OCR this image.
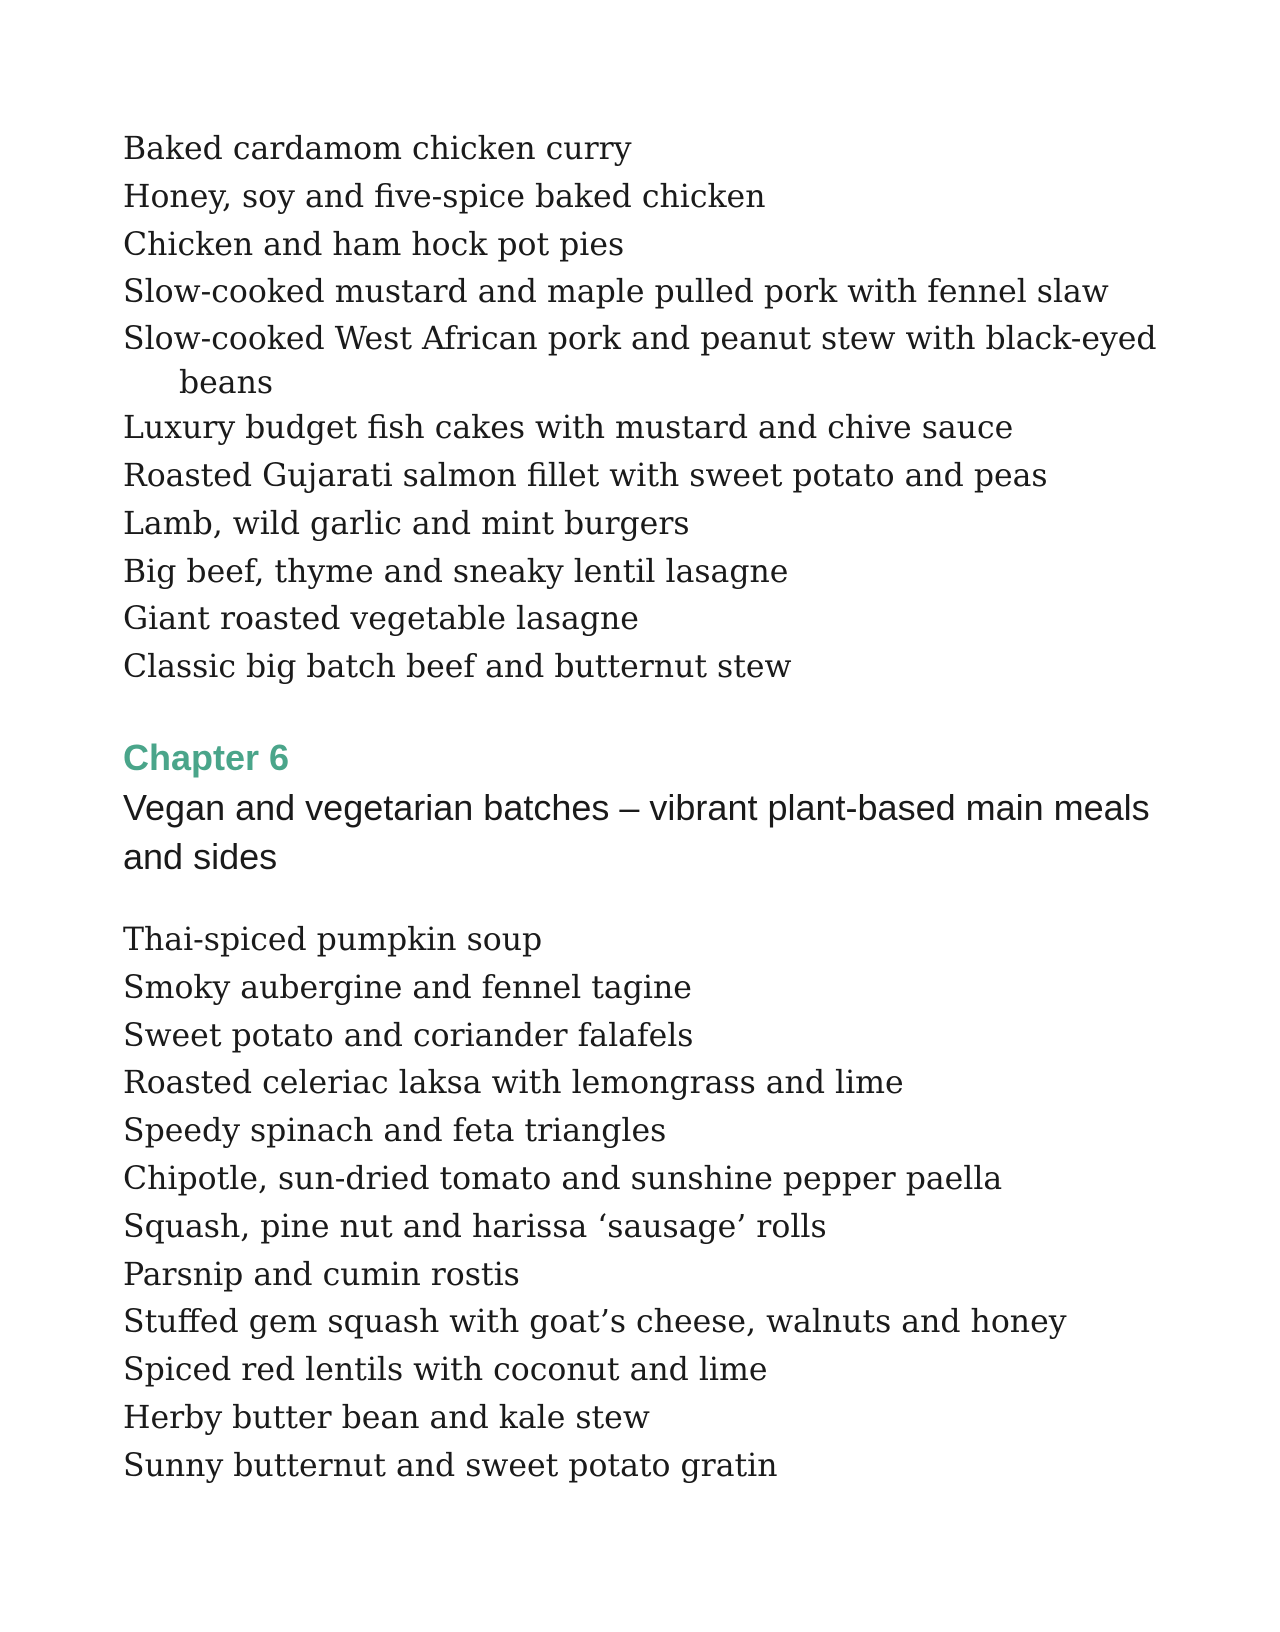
Baked cardamom chicken curry
Honey, soy and five-spice baked chicken
Chicken and ham hock pot pies
Slow-cooked mustard and maple pulled pork with fennel slaw
Slow-cooked West African pork and peanut stew with black-eyed beans
Luxury budget fish cakes with mustard and chive sauce
Roasted Gujarati salmon fillet with sweet potato and peas
Lamb, wild garlic and mint burgers
Big beef, thyme and sneaky lentil lasagne
Giant roasted vegetable lasagne
Classic big batch beef and butternut stew
Chapter 6
Vegan and vegetarian batches – vibrant plant-based main meals and sides
Thai-spiced pumpkin soup
Smoky aubergine and fennel tagine
Sweet potato and coriander falafels
Roasted celeriac laksa with lemongrass and lime
Speedy spinach and feta triangles
Chipotle, sun-dried tomato and sunshine pepper paella
Squash, pine nut and harissa ‘sausage’ rolls
Parsnip and cumin rostis
Stuffed gem squash with goat’s cheese, walnuts and honey
Spiced red lentils with coconut and lime
Herby butter bean and kale stew
Sunny butternut and sweet potato gratin
